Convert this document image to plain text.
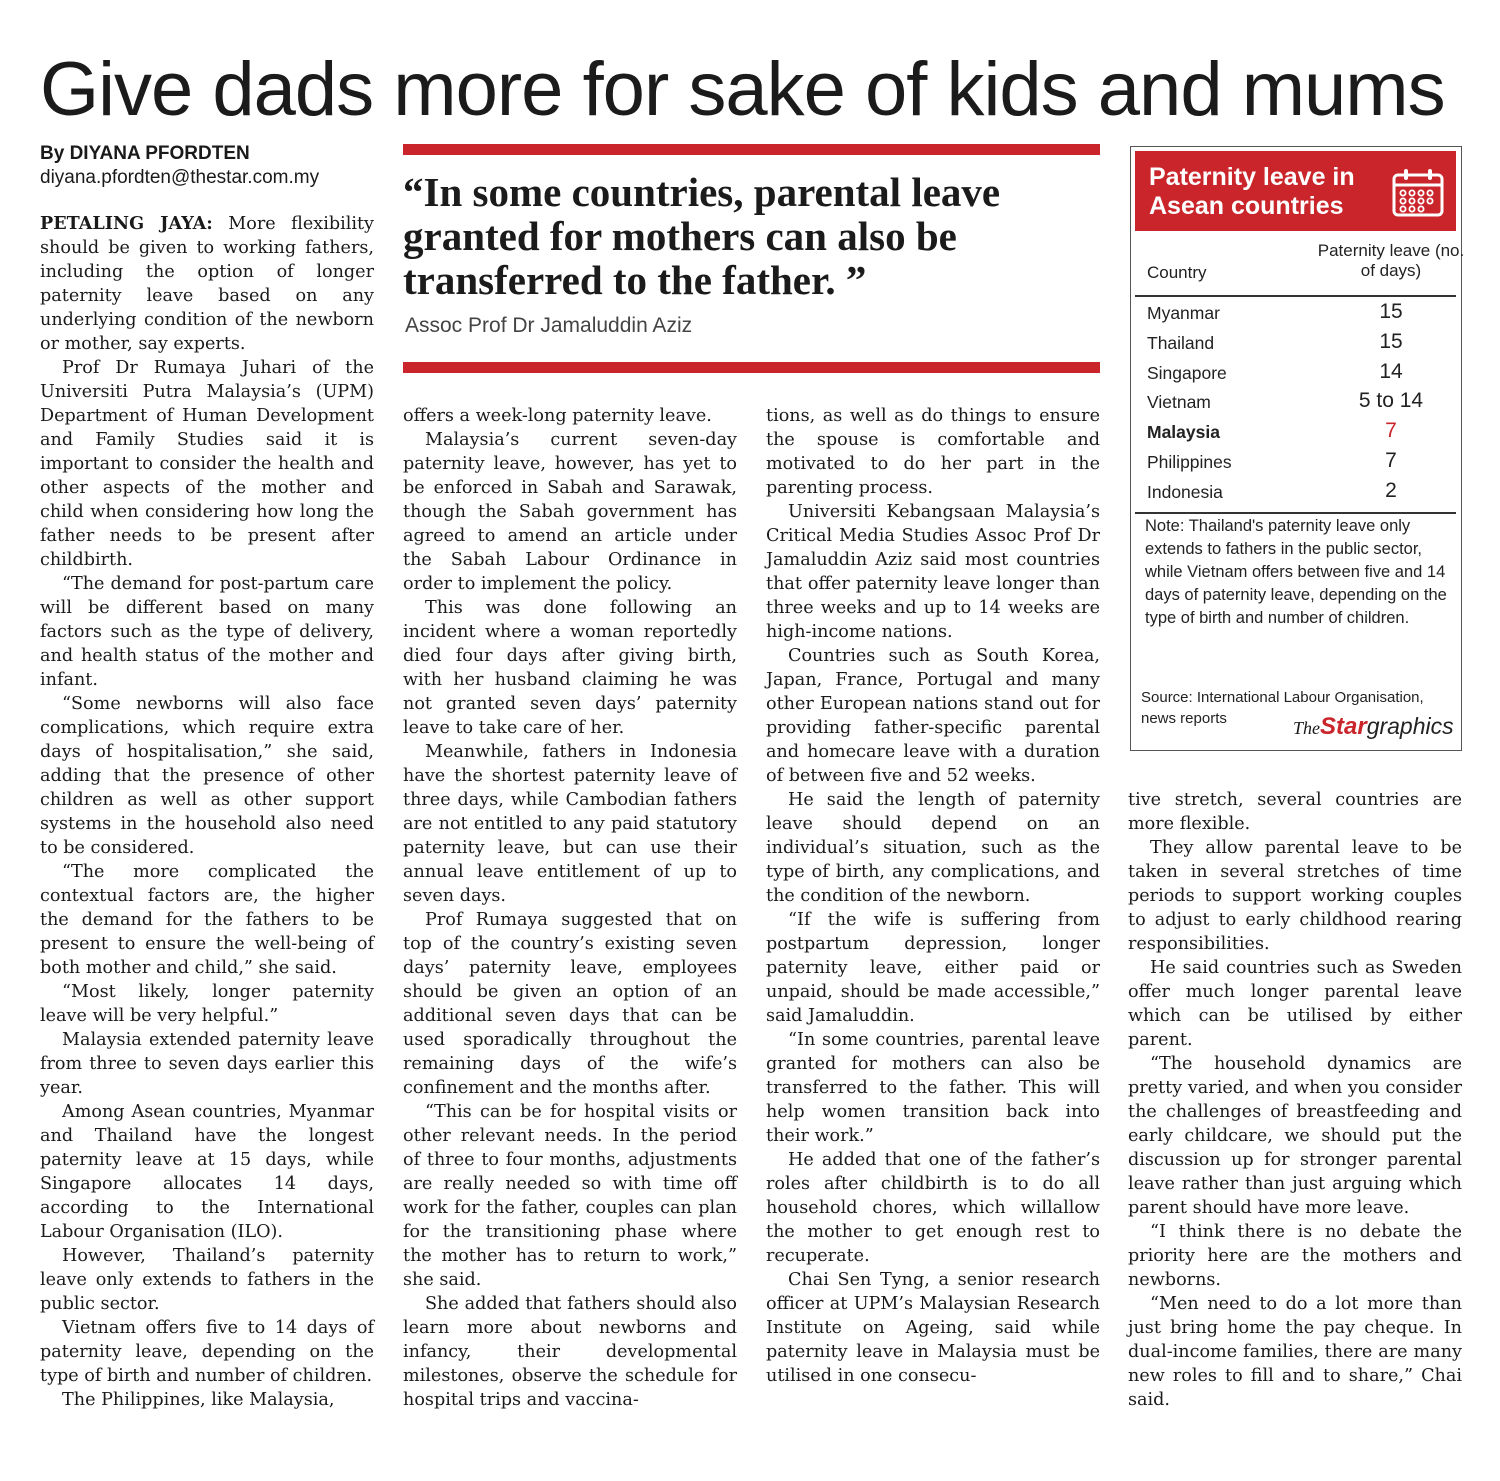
Give dads more for sake of kids and mums
By DIYANA PFORDTEN
diyana.pfordten@thestar.com.my

PETALING JAYA: More flexibility should be given to working fathers, including the option of longer paternity leave based on any underlying condition of the newborn or mother, say experts.

Prof Dr Rumaya Juhari of the Universiti Putra Malaysia’s (UPM) Department of Human Development and Family Studies said it is important to consider the health and other aspects of the mother and child when considering how long the father needs to be present after childbirth.

“The demand for post-partum care will be different based on many factors such as the type of delivery, and health status of the mother and infant.

“Some newborns will also face complications, which require extra days of hospitalisation,” she said, adding that the presence of other children as well as other support systems in the household also need to be considered.

“The more complicated the contextual factors are, the higher the demand for the fathers to be present to ensure the well-being of both mother and child,” she said.

“Most likely, longer paternity leave will be very helpful.”

Malaysia extended paternity leave from three to seven days earlier this year.

Among Asean countries, Myanmar and Thailand have the longest paternity leave at 15 days, while Singapore allocates 14 days, according to the International Labour Organisation (ILO).

However, Thailand’s paternity leave only extends to fathers in the public sector.

Vietnam offers five to 14 days of paternity leave, depending on the type of birth and number of children.

The Philippines, like Malaysia,

“In some countries, parental leave granted for mothers can also be transferred to the father. ”
Assoc Prof Dr Jamaluddin Aziz

offers a week-long paternity leave.

Malaysia’s current seven-day paternity leave, however, has yet to be enforced in Sabah and Sarawak, though the Sabah government has agreed to amend an article under the Sabah Labour Ordinance in order to implement the policy.

This was done following an incident where a woman reportedly died four days after giving birth, with her husband claiming he was not granted seven days’ paternity leave to take care of her.

Meanwhile, fathers in Indonesia have the shortest paternity leave of three days, while Cambodian fathers are not entitled to any paid statutory paternity leave, but can use their annual leave entitlement of up to seven days.

Prof Rumaya suggested that on top of the country’s existing seven days’ paternity leave, employees should be given an option of an additional seven days that can be used sporadically throughout the remaining days of the wife’s confinement and the months after.

“This can be for hospital visits or other relevant needs. In the period of three to four months, adjustments are really needed so with time off work for the father, couples can plan for the transitioning phase where the mother has to return to work,” she said.

She added that fathers should also learn more about newborns and infancy, their developmental milestones, observe the schedule for hospital trips and vaccina-

tions, as well as do things to ensure the spouse is comfortable and motivated to do her part in the parenting process.

Universiti Kebangsaan Malaysia’s Critical Media Studies Assoc Prof Dr Jamaluddin Aziz said most countries that offer paternity leave longer than three weeks and up to 14 weeks are high-income nations.

Countries such as South Korea, Japan, France, Portugal and many other European nations stand out for providing father-specific parental and homecare leave with a duration of between five and 52 weeks.

He said the length of paternity leave should depend on an individual’s situation, such as the type of birth, any complications, and the condition of the newborn.

“If the wife is suffering from postpartum depression, longer paternity leave, either paid or unpaid, should be made accessible,” said Jamaluddin.

“In some countries, parental leave granted for mothers can also be transferred to the father. This will help women transition back into their work.”

He added that one of the father’s roles after childbirth is to do all household chores, which willallow the mother to get enough rest to recuperate.

Chai Sen Tyng, a senior research officer at UPM’s Malaysian Research Institute on Ageing, said while paternity leave in Malaysia must be utilised in one consecu-

tive stretch, several countries are more flexible.

They allow parental leave to be taken in several stretches of time periods to support working couples to adjust to early childhood rearing responsibilities.

He said countries such as Sweden offer much longer parental leave which can be utilised by either parent.

“The household dynamics are pretty varied, and when you consider the challenges of breastfeeding and early childcare, we should put the discussion up for stronger parental leave rather than just arguing which parent should have more leave.

“I think there is no debate the priority here are the mothers and newborns.

“Men need to do a lot more than just bring home the pay cheque. In dual-income families, there are many new roles to fill and to share,” Chai said.

Paternity leave in Asean countries
Country
Paternity leave (no. of days)
Myanmar	15
Thailand	15
Singapore	14
Vietnam	5 to 14
Malaysia	7
Philippines	7
Indonesia	2
Note: Thailand's paternity leave only extends to fathers in the public sector, while Vietnam offers between five and 14 days of paternity leave, depending on the type of birth and number of children.
Source: International Labour Organisation, news reports	TheStargraphics
